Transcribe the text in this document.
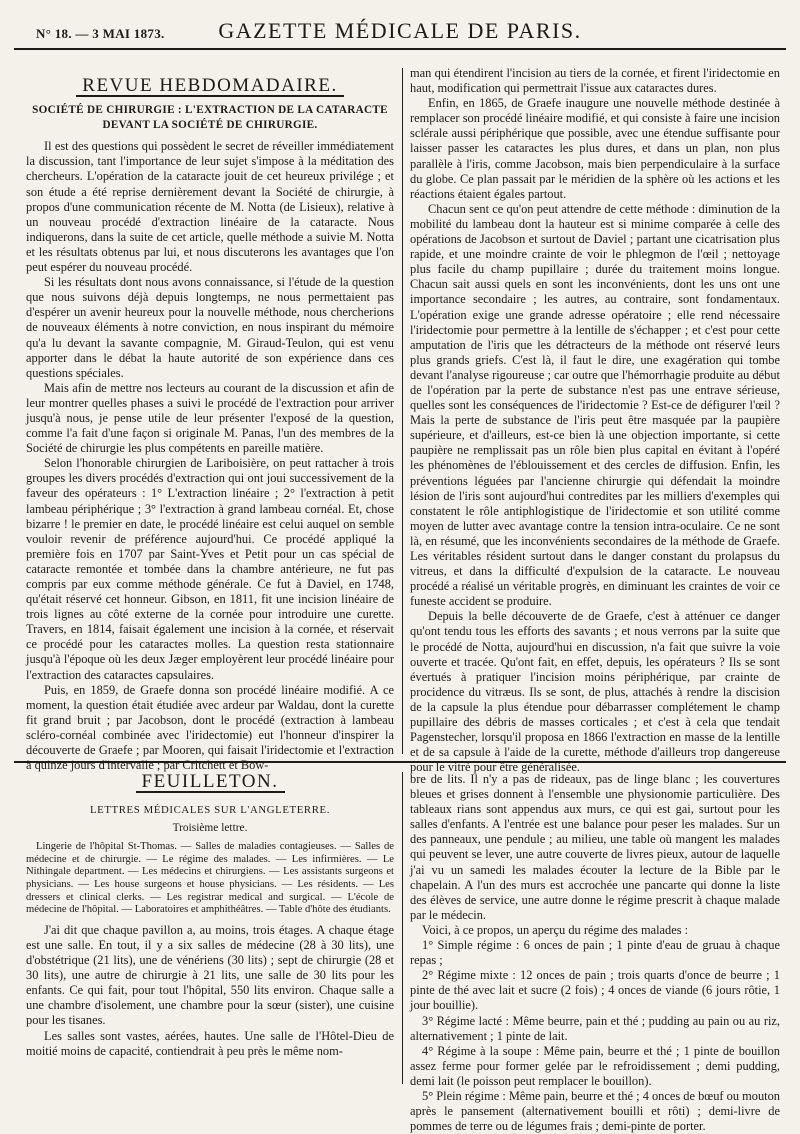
N° 18. — 3 MAI 1873.	GAZETTE MÉDICALE DE PARIS.
REVUE HEBDOMADAIRE.
SOCIÉTÉ DE CHIRURGIE : L'EXTRACTION DE LA CATARACTE DEVANT LA SOCIÉTÉ DE CHIRURGIE.

Il est des questions qui possèdent le secret de réveiller immédiatement la discussion, tant l'importance de leur sujet s'impose à la méditation des chercheurs. L'opération de la cataracte jouit de cet heureux privilége ; et son étude a été reprise dernièrement devant la Société de chirurgie, à propos d'une communication récente de M. Notta (de Lisieux), relative à un nouveau procédé d'extraction linéaire de la cataracte. Nous indiquerons, dans la suite de cet article, quelle méthode a suivie M. Notta et les résultats obtenus par lui, et nous discuterons les avantages que l'on peut espérer du nouveau procédé.

Si les résultats dont nous avons connaissance, si l'étude de la question que nous suivons déjà depuis longtemps, ne nous permettaient pas d'espérer un avenir heureux pour la nouvelle méthode, nous chercherions de nouveaux éléments à notre conviction, en nous inspirant du mémoire qu'a lu devant la savante compagnie, M. Giraud-Teulon, qui est venu apporter dans le débat la haute autorité de son expérience dans ces questions spéciales.

Mais afin de mettre nos lecteurs au courant de la discussion et afin de leur montrer quelles phases a suivi le procédé de l'extraction pour arriver jusqu'à nous, je pense utile de leur présenter l'exposé de la question, comme l'a fait d'une façon si originale M. Panas, l'un des membres de la Société de chirurgie les plus compétents en pareille matière.

Selon l'honorable chirurgien de Lariboisière, on peut rattacher à trois groupes les divers procédés d'extraction qui ont joui successivement de la faveur des opérateurs : 1° L'extraction linéaire ; 2° l'extraction à petit lambeau périphérique ; 3° l'extraction à grand lambeau cornéal. Et, chose bizarre ! le premier en date, le procédé linéaire est celui auquel on semble vouloir revenir de préférence aujourd'hui. Ce procédé appliqué la première fois en 1707 par Saint-Yves et Petit pour un cas spécial de cataracte remontée et tombée dans la chambre antérieure, ne fut pas compris par eux comme méthode générale. Ce fut à Daviel, en 1748, qu'était réservé cet honneur. Gibson, en 1811, fit une incision linéaire de trois lignes au côté externe de la cornée pour introduire une curette. Travers, en 1814, faisait également une incision à la cornée, et réservait ce procédé pour les cataractes molles. La question resta stationnaire jusqu'à l'époque où les deux Jæger employèrent leur procédé linéaire pour l'extraction des cataractes capsulaires.

Puis, en 1859, de Graefe donna son procédé linéaire modifié. A ce moment, la question était étudiée avec ardeur par Waldau, dont la curette fit grand bruit ; par Jacobson, dont le procédé (extraction à lambeau scléro-cornéal combinée avec l'iridectomie) eut l'honneur d'inspirer la découverte de Graefe ; par Mooren, qui faisait l'iridectomie et l'extraction à quinze jours d'intervalle ; par Critchett et Bow-

man qui étendirent l'incision au tiers de la cornée, et firent l'iridectomie en haut, modification qui permettrait l'issue aux cataractes dures.

Enfin, en 1865, de Graefe inaugure une nouvelle méthode destinée à remplacer son procédé linéaire modifié, et qui consiste à faire une incision sclérale aussi périphérique que possible, avec une étendue suffisante pour laisser passer les cataractes les plus dures, et dans un plan, non plus parallèle à l'iris, comme Jacobson, mais bien perpendiculaire à la surface du globe. Ce plan passait par le méridien de la sphère où les actions et les réactions étaient égales partout.

Chacun sent ce qu'on peut attendre de cette méthode : diminution de la mobilité du lambeau dont la hauteur est si minime comparée à celle des opérations de Jacobson et surtout de Daviel ; partant une cicatrisation plus rapide, et une moindre crainte de voir le phlegmon de l'œil ; nettoyage plus facile du champ pupillaire ; durée du traitement moins longue. Chacun sait aussi quels en sont les inconvénients, dont les uns ont une importance secondaire ; les autres, au contraire, sont fondamentaux. L'opération exige une grande adresse opératoire ; elle rend nécessaire l'iridectomie pour permettre à la lentille de s'échapper ; et c'est pour cette amputation de l'iris que les détracteurs de la méthode ont réservé leurs plus grands griefs. C'est là, il faut le dire, une exagération qui tombe devant l'analyse rigoureuse ; car outre que l'hémorrhagie produite au début de l'opération par la perte de substance n'est pas une entrave sérieuse, quelles sont les conséquences de l'iridectomie ? Est-ce de défigurer l'œil ? Mais la perte de substance de l'iris peut être masquée par la paupière supérieure, et d'ailleurs, est-ce bien là une objection importante, si cette paupière ne remplissait pas un rôle bien plus capital en évitant à l'opéré les phénomènes de l'éblouissement et des cercles de diffusion. Enfin, les préventions léguées par l'ancienne chirurgie qui défendait la moindre lésion de l'iris sont aujourd'hui contredites par les milliers d'exemples qui constatent le rôle antiphlogistique de l'iridectomie et son utilité comme moyen de lutter avec avantage contre la tension intra-oculaire. Ce ne sont là, en résumé, que les inconvénients secondaires de la méthode de Graefe. Les véritables résident surtout dans le danger constant du prolapsus du vitreus, et dans la difficulté d'expulsion de la cataracte. Le nouveau procédé a réalisé un véritable progrès, en diminuant les craintes de voir ce funeste accident se produire.

Depuis la belle découverte de de Graefe, c'est à atténuer ce danger qu'ont tendu tous les efforts des savants ; et nous verrons par la suite que le procédé de Notta, aujourd'hui en discussion, n'a fait que suivre la voie ouverte et tracée. Qu'ont fait, en effet, depuis, les opérateurs ? Ils se sont évertués à pratiquer l'incision moins périphérique, par crainte de procidence du vitræus. Ils se sont, de plus, attachés à rendre la discision de la capsule la plus étendue pour débarrasser complétement le champ pupillaire des débris de masses corticales ; et c'est à cela que tendait Pagenstecher, lorsqu'il proposa en 1866 l'extraction en masse de la lentille et de sa capsule à l'aide de la curette, méthode d'ailleurs trop dangereuse pour le vitré pour être généralisée.

FEUILLETON.
LETTRES MÉDICALES SUR L'ANGLETERRE.
Troisième lettre.
Lingerie de l'hôpital St-Thomas. — Salles de maladies contagieuses. — Salles de médecine et de chirurgie. — Le régime des malades. — Les infirmières. — Le Nithingale department. — Les médecins et chirurgiens. — Les assistants surgeons et physicians. — Les house surgeons et house physicians. — Les résidents. — Les dressers et clinical clerks. — Les registrar medical and surgical. — L'école de médecine de l'hôpital. — Laboratoires et amphithéâtres. — Table d'hôte des étudiants.

J'ai dit que chaque pavillon a, au moins, trois étages. A chaque étage est une salle. En tout, il y a six salles de médecine (28 à 30 lits), une d'obstétrique (21 lits), une de vénériens (30 lits) ; sept de chirurgie (28 et 30 lits), une autre de chirurgie à 21 lits, une salle de 30 lits pour les enfants. Ce qui fait, pour tout l'hôpital, 550 lits environ. Chaque salle a une chambre d'isolement, une chambre pour la sœur (sister), une cuisine pour les tisanes.

Les salles sont vastes, aérées, hautes. Une salle de l'Hôtel-Dieu de moitié moins de capacité, contiendrait à peu près le même nom-

bre de lits. Il n'y a pas de rideaux, pas de linge blanc ; les couvertures bleues et grises donnent à l'ensemble une physionomie particulière. Des tableaux rians sont appendus aux murs, ce qui est gai, surtout pour les salles d'enfants. A l'entrée est une balance pour peser les malades. Sur un des panneaux, une pendule ; au milieu, une table où mangent les malades qui peuvent se lever, une autre couverte de livres pieux, autour de laquelle j'ai vu un samedi les malades écouter la lecture de la Bible par le chapelain. A l'un des murs est accrochée une pancarte qui donne la liste des élèves de service, une autre donne le régime prescrit à chaque malade par le médecin.

Voici, à ce propos, un aperçu du régime des malades :

1° Simple régime : 6 onces de pain ; 1 pinte d'eau de gruau à chaque repas ;

2° Régime mixte : 12 onces de pain ; trois quarts d'once de beurre ; 1 pinte de thé avec lait et sucre (2 fois) ; 4 onces de viande (6 jours rôtie, 1 jour bouillie).

3° Régime lacté : Même beurre, pain et thé ; pudding au pain ou au riz, alternativement ; 1 pinte de lait.

4° Régime à la soupe : Même pain, beurre et thé ; 1 pinte de bouillon assez ferme pour former gelée par le refroidissement ; demi pudding, demi lait (le poisson peut remplacer le bouillon).

5° Plein régime : Même pain, beurre et thé ; 4 onces de bœuf ou mouton après le pansement (alternativement bouilli et rôti) ; demi-livre de pommes de terre ou de légumes frais ; demi-pinte de porter.
